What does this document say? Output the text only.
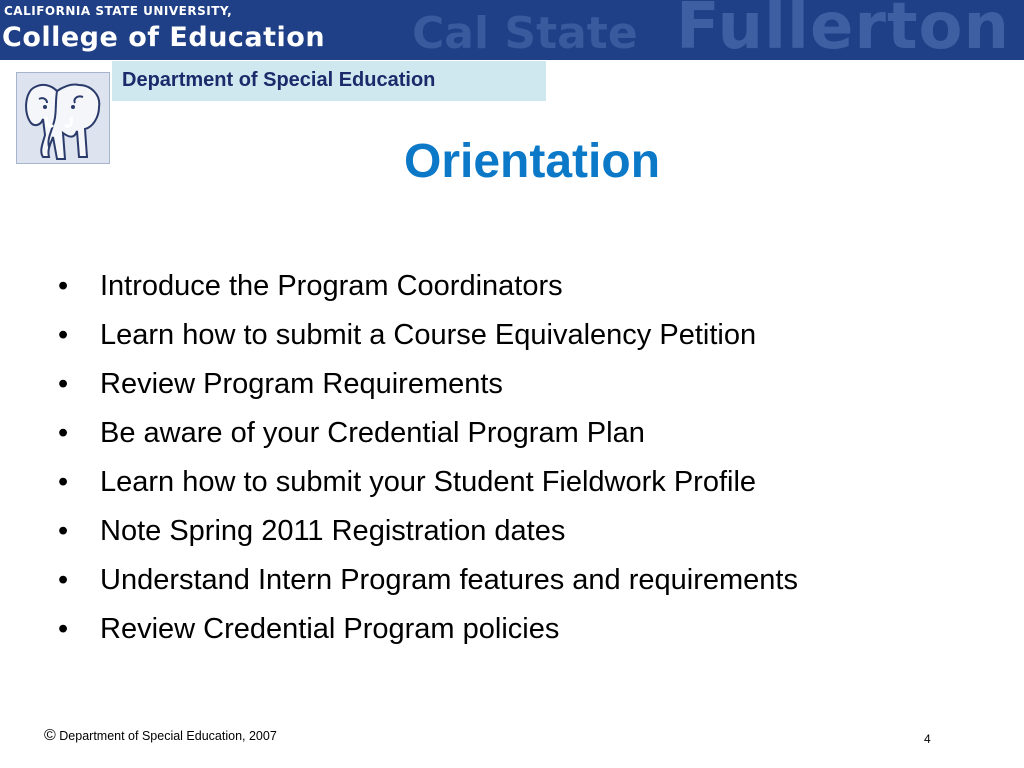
CALIFORNIA STATE UNIVERSITY,
College of Education Cal State Fullerton
Department of Special Education
Orientation
• Introduce the Program Coordinators
• Learn how to submit a Course Equivalency Petition
• Review Program Requirements
• Be aware of your Credential Program Plan
• Learn how to submit your Student Fieldwork Profile
• Note Spring 2011 Registration dates
• Understand Intern Program features and requirements
• Review Credential Program policies
© Department of Special Education, 2007	4
